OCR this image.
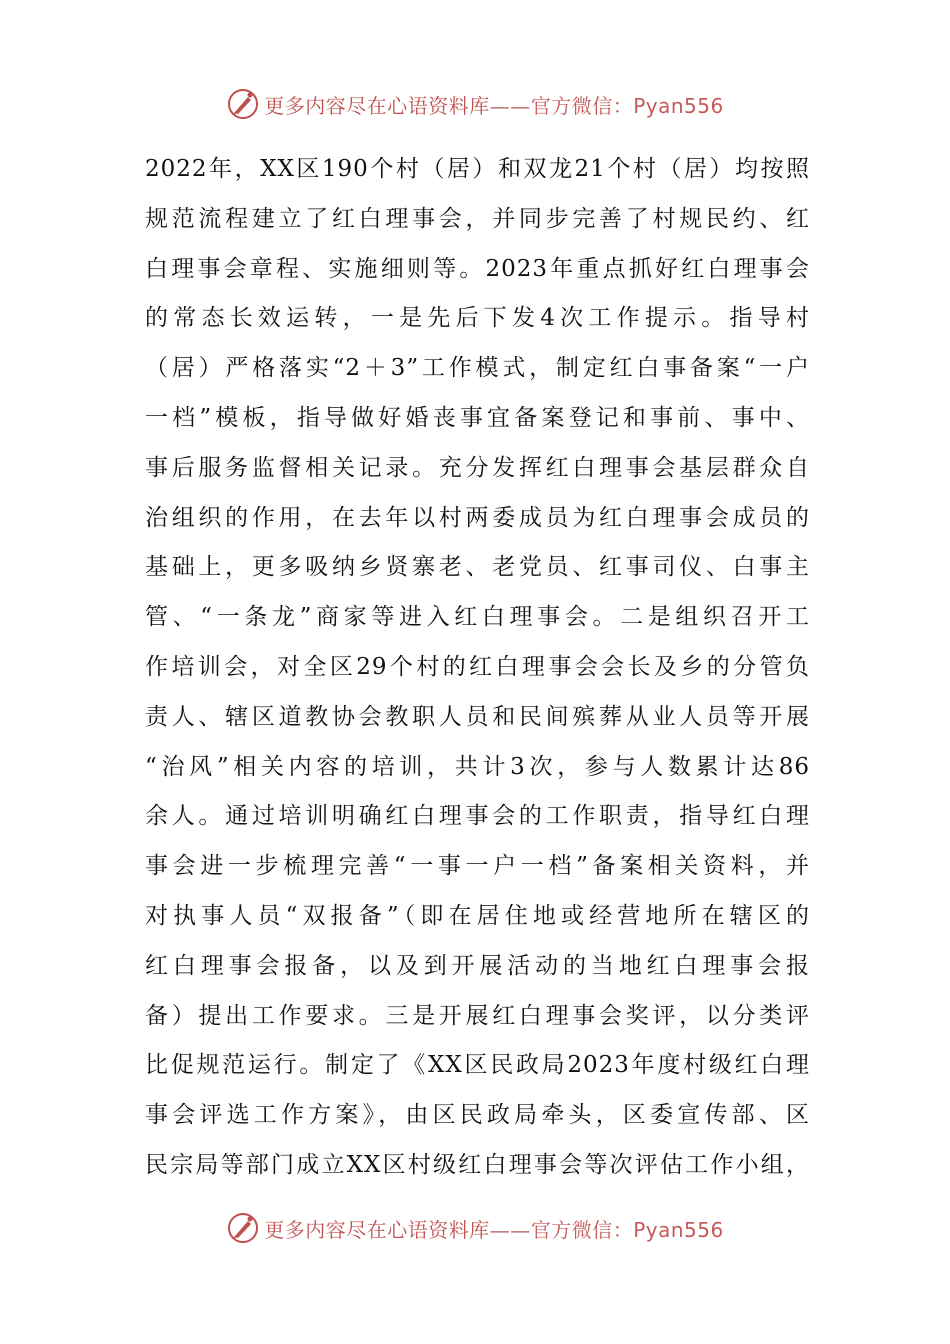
更多内容尽在心语资料库——官方微信：Pyan556
2022年，XX区190个村（居）和双龙21个村（居）均按照
规范流程建立了红白理事会，并同步完善了村规民约、红
白理事会章程、实施细则等。2023年重点抓好红白理事会
的常态长效运转，一是先后下发4次工作提示。指导村
（居）严格落实“2＋3”工作模式，制定红白事备案“一户
一档”模板，指导做好婚丧事宜备案登记和事前、事中、
事后服务监督相关记录。充分发挥红白理事会基层群众自
治组织的作用，在去年以村两委成员为红白理事会成员的
基础上，更多吸纳乡贤寨老、老党员、红事司仪、白事主
管、“一条龙”商家等进入红白理事会。二是组织召开工
作培训会，对全区29个村的红白理事会会长及乡的分管负
责人、辖区道教协会教职人员和民间殡葬从业人员等开展
“治风”相关内容的培训，共计3次，参与人数累计达86
余人。通过培训明确红白理事会的工作职责，指导红白理
事会进一步梳理完善“一事一户一档”备案相关资料，并
对执事人员“双报备”（即在居住地或经营地所在辖区的
红白理事会报备，以及到开展活动的当地红白理事会报
备）提出工作要求。三是开展红白理事会奖评，以分类评
比促规范运行。制定了《XX区民政局2023年度村级红白理
事会评选工作方案》，由区民政局牵头，区委宣传部、区
民宗局等部门成立XX区村级红白理事会等次评估工作小组，
更多内容尽在心语资料库——官方微信：Pyan556
